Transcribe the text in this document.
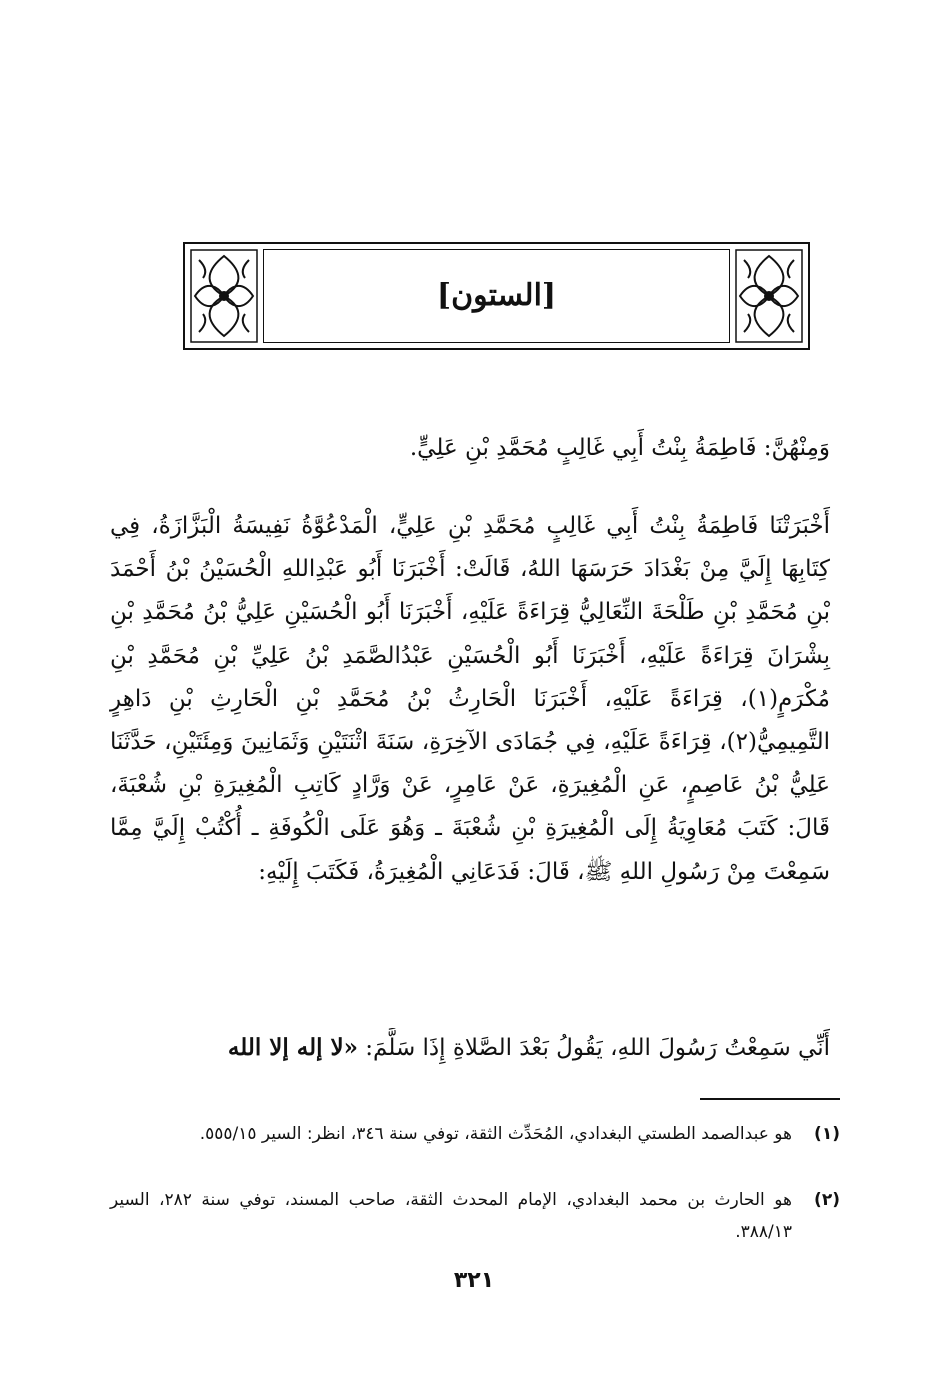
[الستون]
وَمِنْهُنَّ: فَاطِمَةُ بِنْتُ أَبِي غَالِبٍ مُحَمَّدِ بْنِ عَلِيٍّ.
أَخْبَرَتْنَا فَاطِمَةُ بِنْتُ أَبِي غَالِبٍ مُحَمَّدِ بْنِ عَلِيٍّ، الْمَدْعُوَّةُ نَفِيسَةُ الْبَزَّازَةُ، فِي كِتَابِهَا إِلَيَّ مِنْ بَغْدَادَ حَرَسَهَا اللهُ، قَالَتْ: أَخْبَرَنَا أَبُو عَبْدِاللهِ الْحُسَيْنُ بْنُ أَحْمَدَ بْنِ مُحَمَّدِ بْنِ طَلْحَةَ النِّعَالِيُّ قِرَاءَةً عَلَيْهِ، أَخْبَرَنَا أَبُو الْحُسَيْنِ عَلِيُّ بْنُ مُحَمَّدِ بْنِ بِشْرَانَ قِرَاءَةً عَلَيْهِ، أَخْبَرَنَا أَبُو الْحُسَيْنِ عَبْدُالصَّمَدِ بْنُ عَلِيِّ بْنِ مُحَمَّدِ بْنِ مُكْرَمٍ(١)، قِرَاءَةً عَلَيْهِ، أَخْبَرَنَا الْحَارِثُ بْنُ مُحَمَّدِ بْنِ الْحَارِثِ بْنِ دَاهِرٍ التَّمِيمِيُّ(٢)، قِرَاءَةً عَلَيْهِ، فِي جُمَادَى الآخِرَةِ، سَنَةَ اثْنَتَيْنِ وَثَمَانِينَ وَمِئَتَيْنِ، حَدَّثَنَا عَلِيُّ بْنُ عَاصِمٍ، عَنِ الْمُغِيرَةِ، عَنْ عَامِرٍ، عَنْ وَرَّادٍ كَاتِبِ الْمُغِيرَةِ بْنِ شُعْبَةَ، قَالَ: كَتَبَ مُعَاوِيَةُ إِلَى الْمُغِيرَةِ بْنِ شُعْبَةَ ـ وَهُوَ عَلَى الْكُوفَةِ ـ أُكْتُبْ إِلَيَّ مِمَّا سَمِعْتَ مِنْ رَسُولِ اللهِ ﷺ، قَالَ: فَدَعَانِي الْمُغِيرَةُ، فَكَتَبَ إِلَيْهِ:
أَنِّي سَمِعْتُ رَسُولَ اللهِ، يَقُولُ بَعْدَ الصَّلاةِ إِذَا سَلَّمَ: «لا إله إلا الله
(١)
هو عبدالصمد الطستي البغدادي، المُحَدِّث الثقة، توفي سنة ٣٤٦، انظر: السير ٥٥٥/١٥.
(٢)
هو الحارث بن محمد البغدادي، الإمام المحدث الثقة، صاحب المسند، توفي سنة ٢٨٢، السير ٣٨٨/١٣.
٣٢١
